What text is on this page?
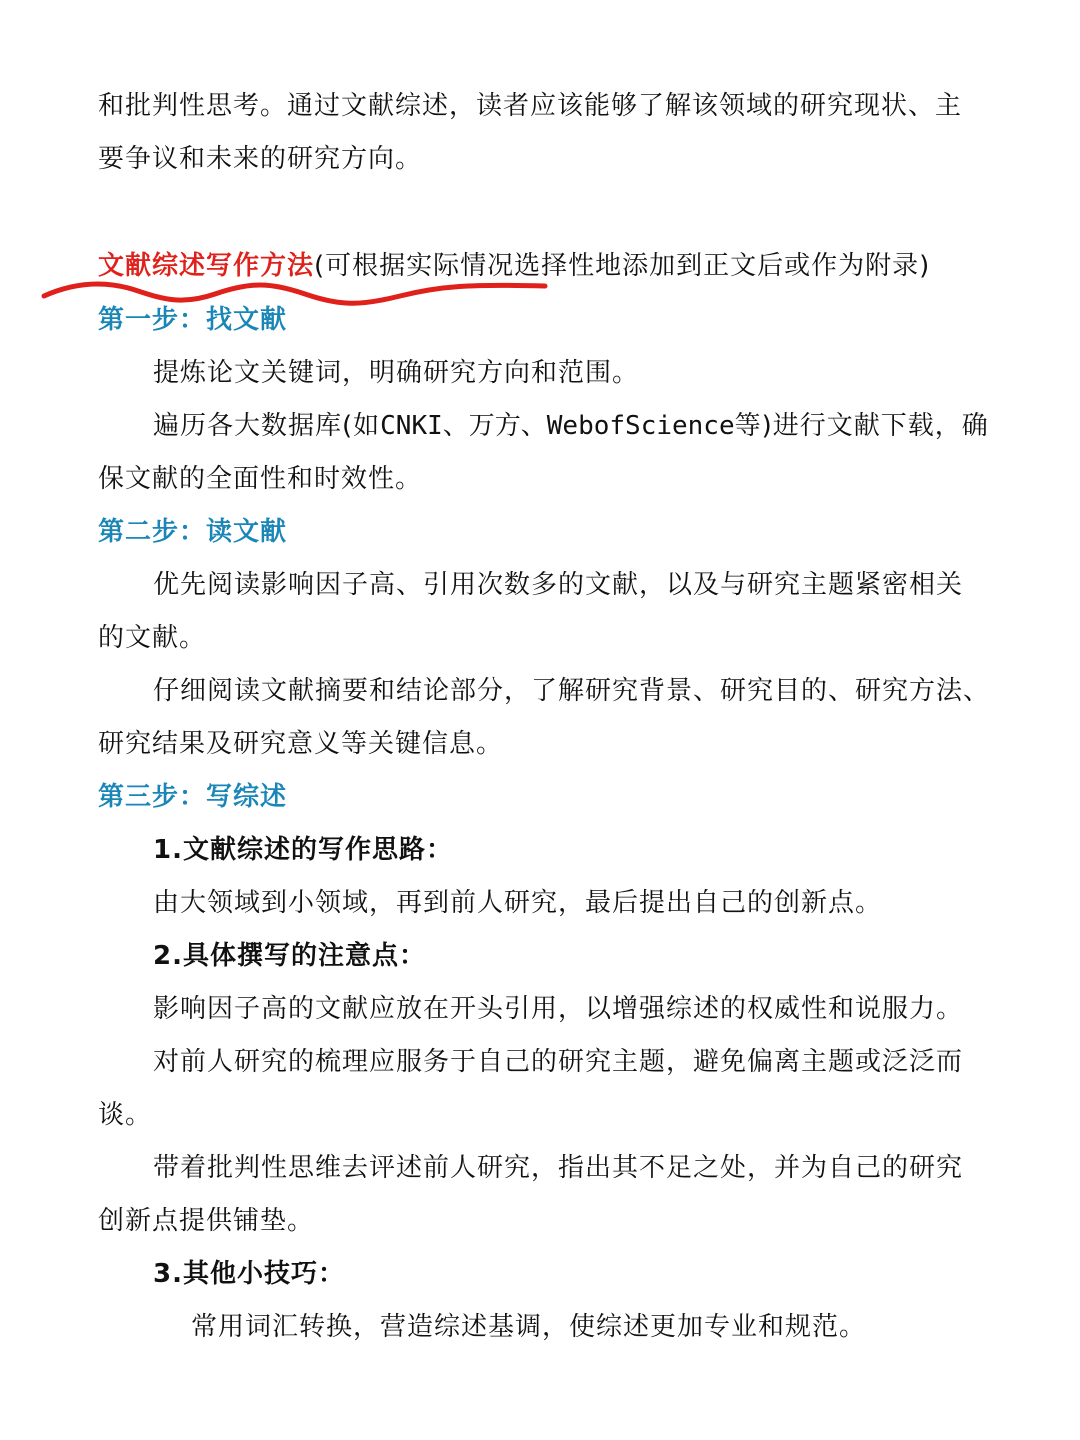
和批判性思考。通过文献综述，读者应该能够了解该领域的研究现状、主
要争议和未来的研究方向。
文献综述写作方法(可根据实际情况选择性地添加到正文后或作为附录)
第一步：找文献
提炼论文关键词，明确研究方向和范围。
遍历各大数据库(如CNKI、万方、WebofScience等)进行文献下载，确
保文献的全面性和时效性。
第二步：读文献
优先阅读影响因子高、引用次数多的文献，以及与研究主题紧密相关
的文献。
仔细阅读文献摘要和结论部分，了解研究背景、研究目的、研究方法、
研究结果及研究意义等关键信息。
第三步：写综述
1.文献综述的写作思路：
由大领域到小领域，再到前人研究，最后提出自己的创新点。
2.具体撰写的注意点：
影响因子高的文献应放在开头引用，以增强综述的权威性和说服力。
对前人研究的梳理应服务于自己的研究主题，避免偏离主题或泛泛而
谈。
带着批判性思维去评述前人研究，指出其不足之处，并为自己的研究
创新点提供铺垫。
3.其他小技巧：
常用词汇转换，营造综述基调，使综述更加专业和规范。
